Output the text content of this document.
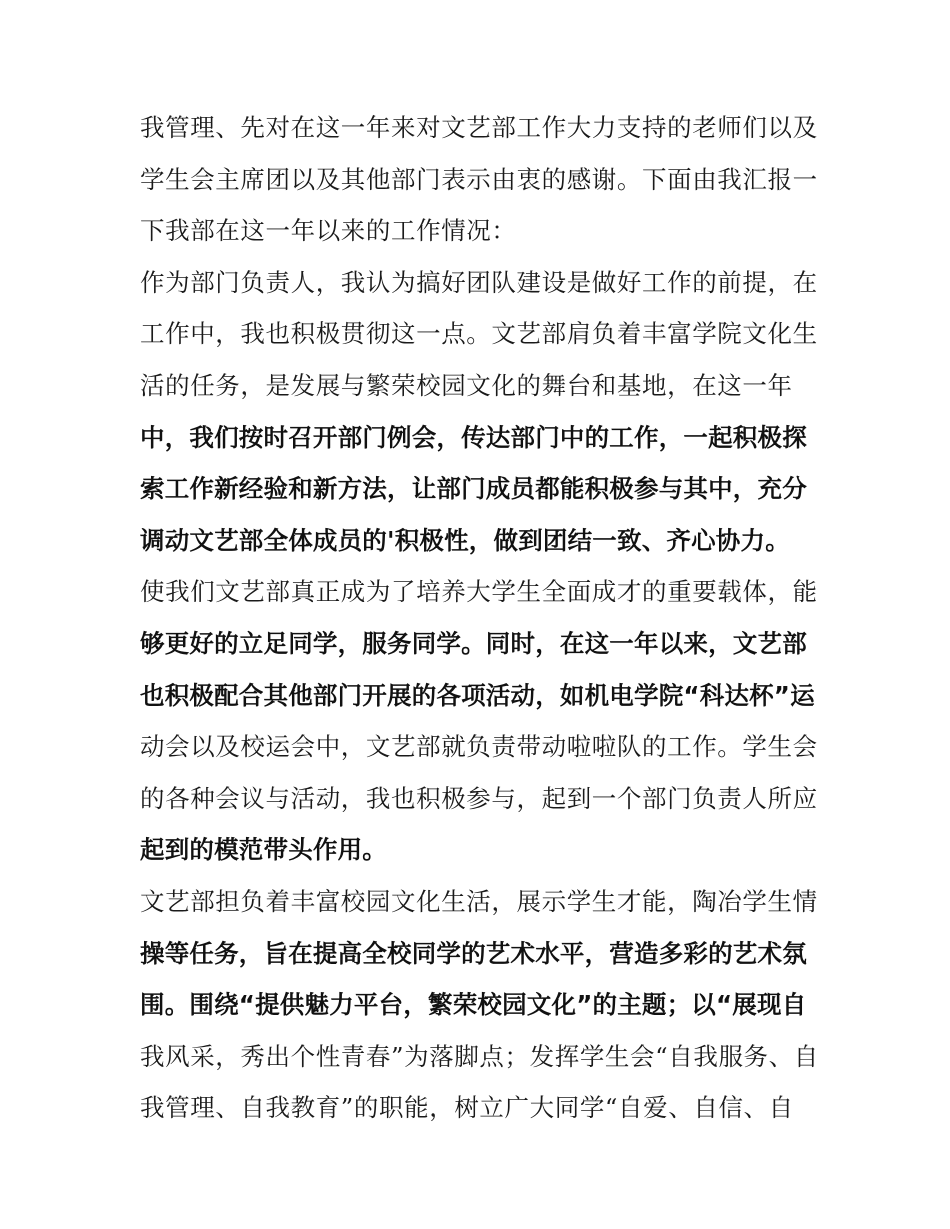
我管理、先对在这一年来对文艺部工作大力支持的老师们以及
学生会主席团以及其他部门表示由衷的感谢。下面由我汇报一
下我部在这一年以来的工作情况：
作为部门负责人，我认为搞好团队建设是做好工作的前提，在
工作中，我也积极贯彻这一点。文艺部肩负着丰富学院文化生
活的任务，是发展与繁荣校园文化的舞台和基地，在这一年
中，我们按时召开部门例会，传达部门中的工作，一起积极探
索工作新经验和新方法，让部门成员都能积极参与其中，充分
调动文艺部全体成员的'积极性，做到团结一致、齐心协力。
使我们文艺部真正成为了培养大学生全面成才的重要载体，能
够更好的立足同学，服务同学。同时，在这一年以来，文艺部
也积极配合其他部门开展的各项活动，如机电学院“科达杯”运
动会以及校运会中，文艺部就负责带动啦啦队的工作。学生会
的各种会议与活动，我也积极参与，起到一个部门负责人所应
起到的模范带头作用。
文艺部担负着丰富校园文化生活，展示学生才能，陶冶学生情
操等任务，旨在提高全校同学的艺术水平，营造多彩的艺术氛
围。围绕“提供魅力平台，繁荣校园文化”的主题；以“展现自
我风采，秀出个性青春”为落脚点；发挥学生会“自我服务、自
我管理、自我教育”的职能，树立广大同学“自爱、自信、自
